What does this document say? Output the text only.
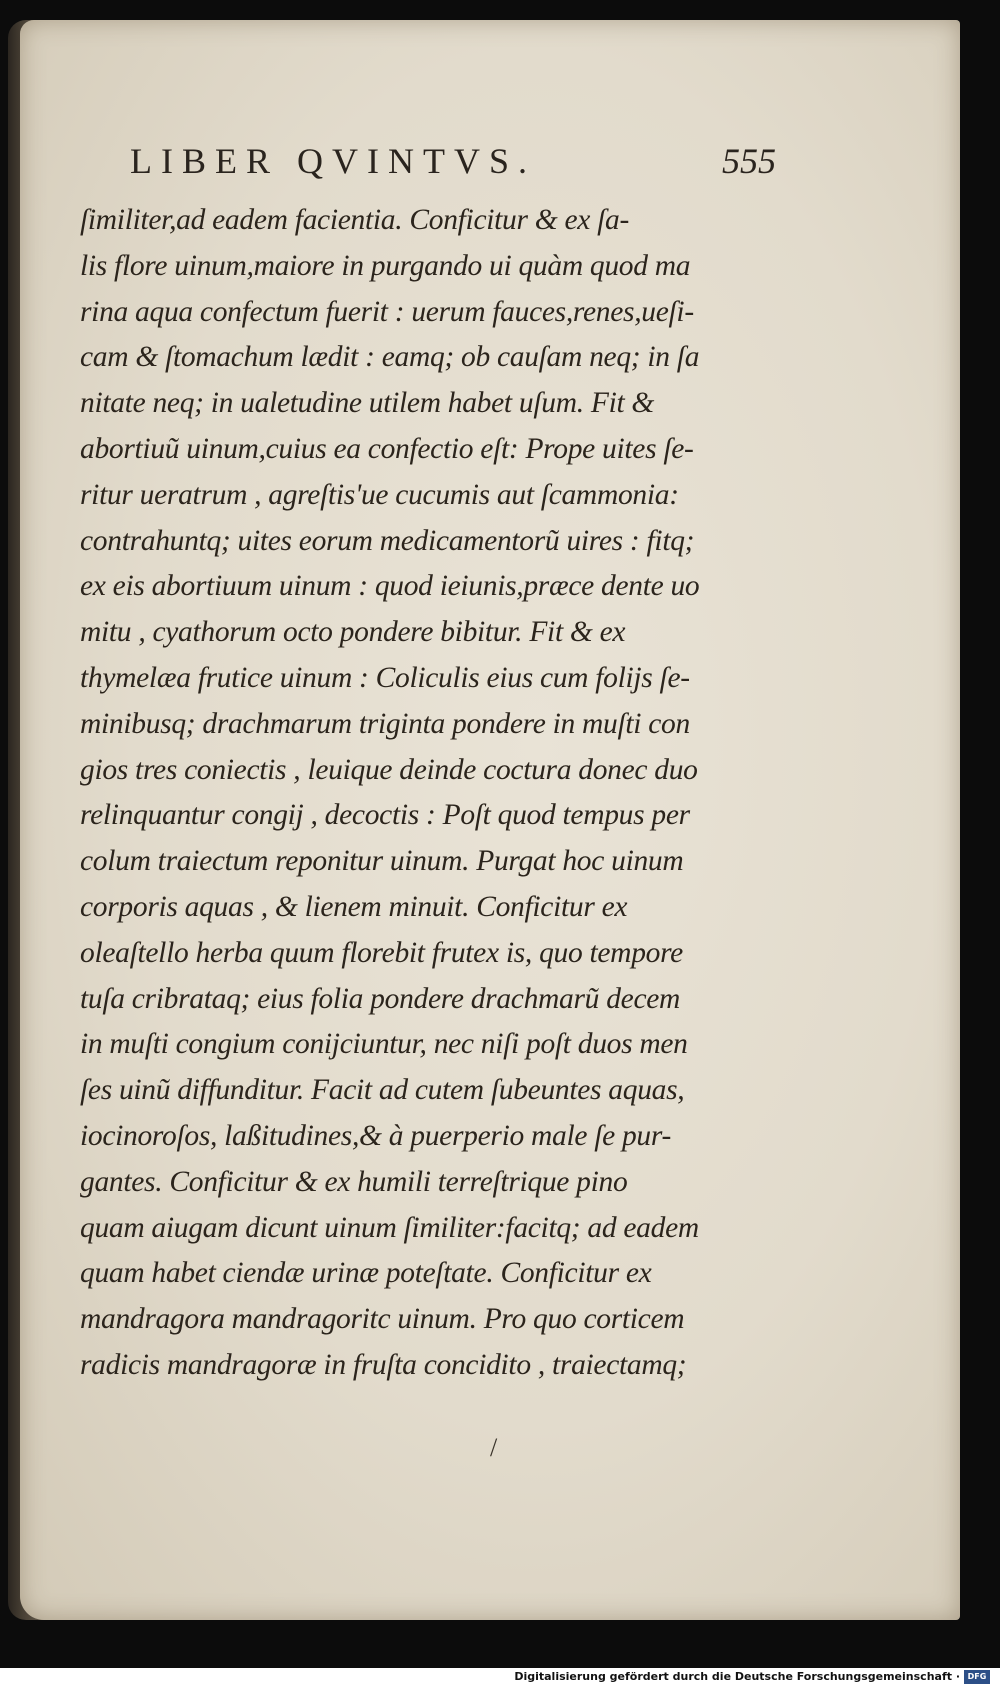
LIBER QVINTVS.	555
ſimiliter,ad eadem facientia. Conficitur & ex ſa-
lis flore uinum,maiore in purgando ui quàm quod ma
rina aqua confectum fuerit : uerum fauces,renes,ueſi-
cam & ſtomachum lædit : eamq; ob cauſam neq; in ſa
nitate neq; in ualetudine utilem habet uſum. Fit &
abortiuũ uinum,cuius ea confectio eſt: Prope uites ſe-
ritur ueratrum , agreſtis'ue cucumis aut ſcammonia:
contrahuntq; uites eorum medicamentorũ uires : fitq;
ex eis abortiuum uinum : quod ieiunis,præce dente uo
mitu , cyathorum octo pondere bibitur. Fit & ex
thymelæa frutice uinum : Coliculis eius cum folijs ſe-
minibusq; drachmarum triginta pondere in muſti con
gios tres coniectis , leuique deinde coctura donec duo
relinquantur congij , decoctis : Poſt quod tempus per
colum traiectum reponitur uinum. Purgat hoc uinum
corporis aquas , & lienem minuit. Conficitur ex
oleaſtello herba quum florebit frutex is, quo tempore
tuſa cribrataq; eius folia pondere drachmarũ decem
in muſti congium conijciuntur, nec niſi poſt duos men
ſes uinũ diffunditur. Facit ad cutem ſubeuntes aquas,
iocinoroſos, laßitudines,& à puerperio male ſe pur-
gantes. Conficitur & ex humili terreſtrique pino
quam aiugam dicunt uinum ſimiliter:facitq; ad eadem
quam habet ciendæ urinæ poteſtate. Conficitur ex
mandragora mandragoritc uinum. Pro quo corticem
radicis mandragoræ in fruſta concidito , traiectamq;
/
Digitalisierung gefördert durch die Deutsche Forschungsgemeinschaft · DFG
